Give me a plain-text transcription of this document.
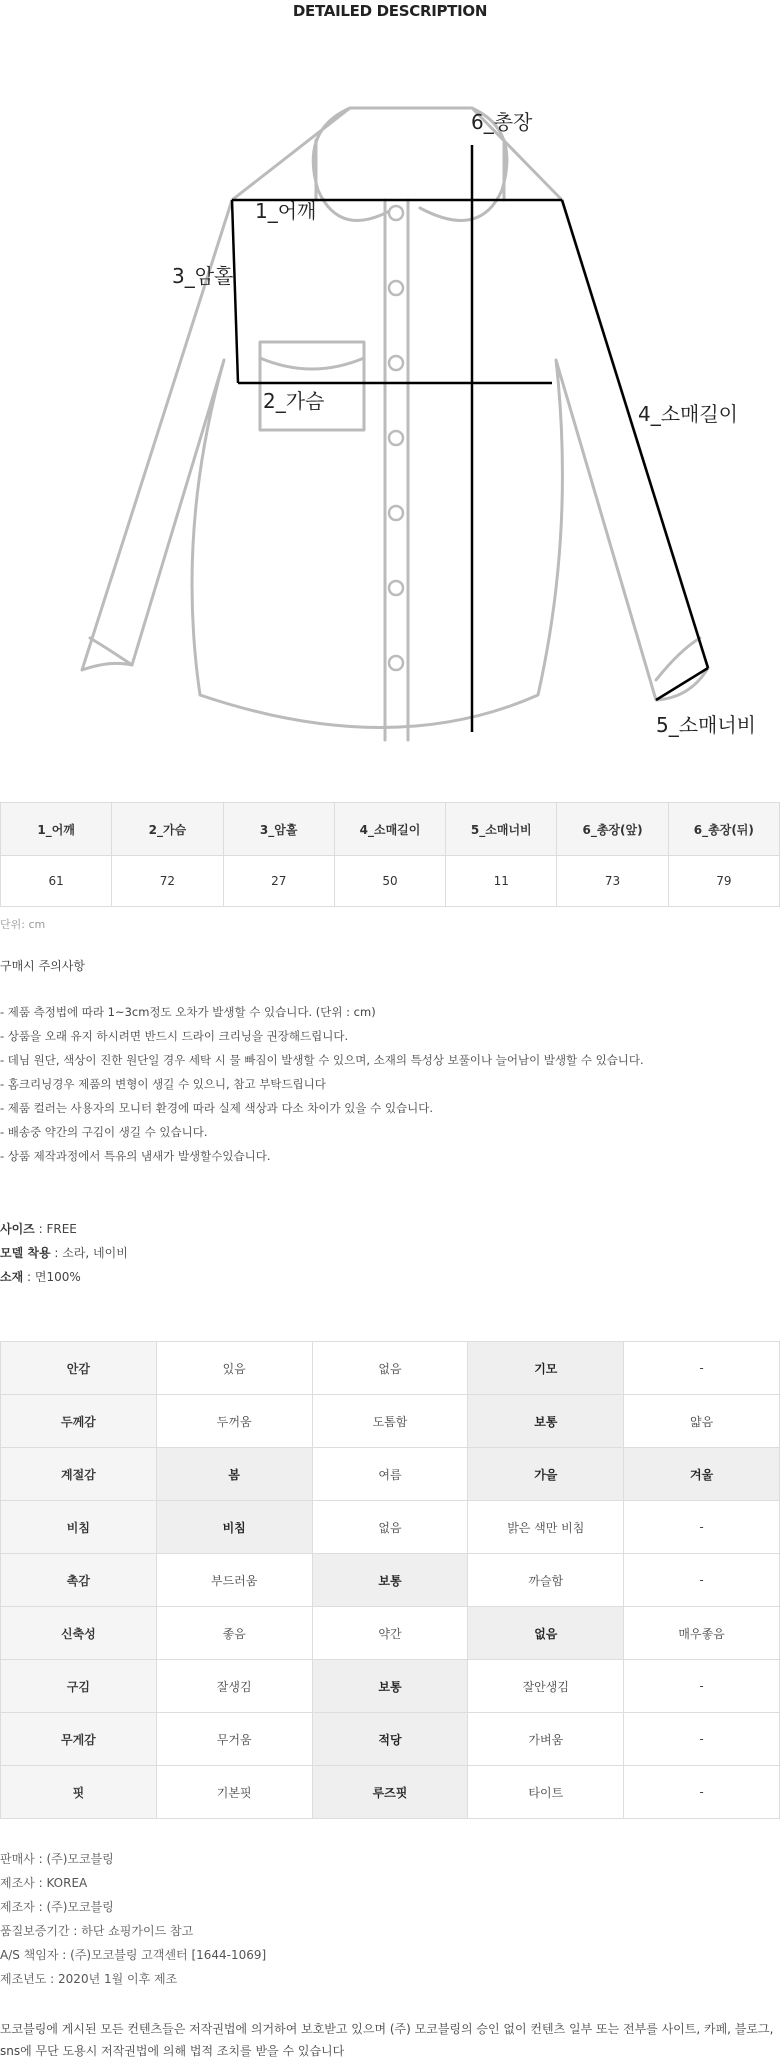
DETAILED DESCRIPTION
1_어깨
2_가슴
3_암홀
4_소매길이
5_소매너비
6_총장
1_어깨	2_가슴	3_암홀	4_소매길이	5_소매너비	6_총장(앞)	6_총장(뒤)
61	72	27	50	11	73	79
단위: cm
구매시 주의사항
- 제품 측정법에 따라 1~3cm정도 오차가 발생할 수 있습니다. (단위 : cm)
- 상품을 오래 유지 하시려면 반드시 드라이 크리닝을 권장해드립니다.
- 데님 원단, 색상이 진한 원단일 경우 세탁 시 물 빠짐이 발생할 수 있으며, 소재의 특성상 보풀이나 늘어남이 발생할 수 있습니다.
- 홈크리닝경우 제품의 변형이 생길 수 있으니, 참고 부탁드립니다
- 제품 컬러는 사용자의 모니터 환경에 따라 실제 색상과 다소 차이가 있을 수 있습니다.
- 배송중 약간의 구김이 생길 수 있습니다.
- 상품 제작과정에서 특유의 냄새가 발생할수있습니다.
사이즈 : FREE
모델 착용 : 소라, 네이비
소재 : 면100%
안감	있음	없음	기모	-
두께감	두꺼움	도톰함	보통	얇음
계절감	봄	여름	가을	겨울
비침	비침	없음	밝은 색만 비침	-
촉감	부드러움	보통	까슬함	-
신축성	좋음	약간	없음	매우좋음
구김	잘생김	보통	잘안생김	-
무게감	무거움	적당	가벼움	-
핏	기본핏	루즈핏	타이트	-
판매사 : (주)모코블링
제조사 : KOREA
제조자 : (주)모코블링
품질보증기간 : 하단 쇼핑가이드 참고
A/S 책임자 : (주)모코블링 고객센터 [1644-1069]
제조년도 : 2020년 1월 이후 제조
모코블링에 게시된 모든 컨텐츠들은 저작권법에 의거하여 보호받고 있으며 (주) 모코블링의 승인 없이 컨텐츠 일부 또는 전부를 사이트, 카페, 블로그, sns에 무단 도용시 저작권법에 의해 법적 조치를 받을 수 있습니다
